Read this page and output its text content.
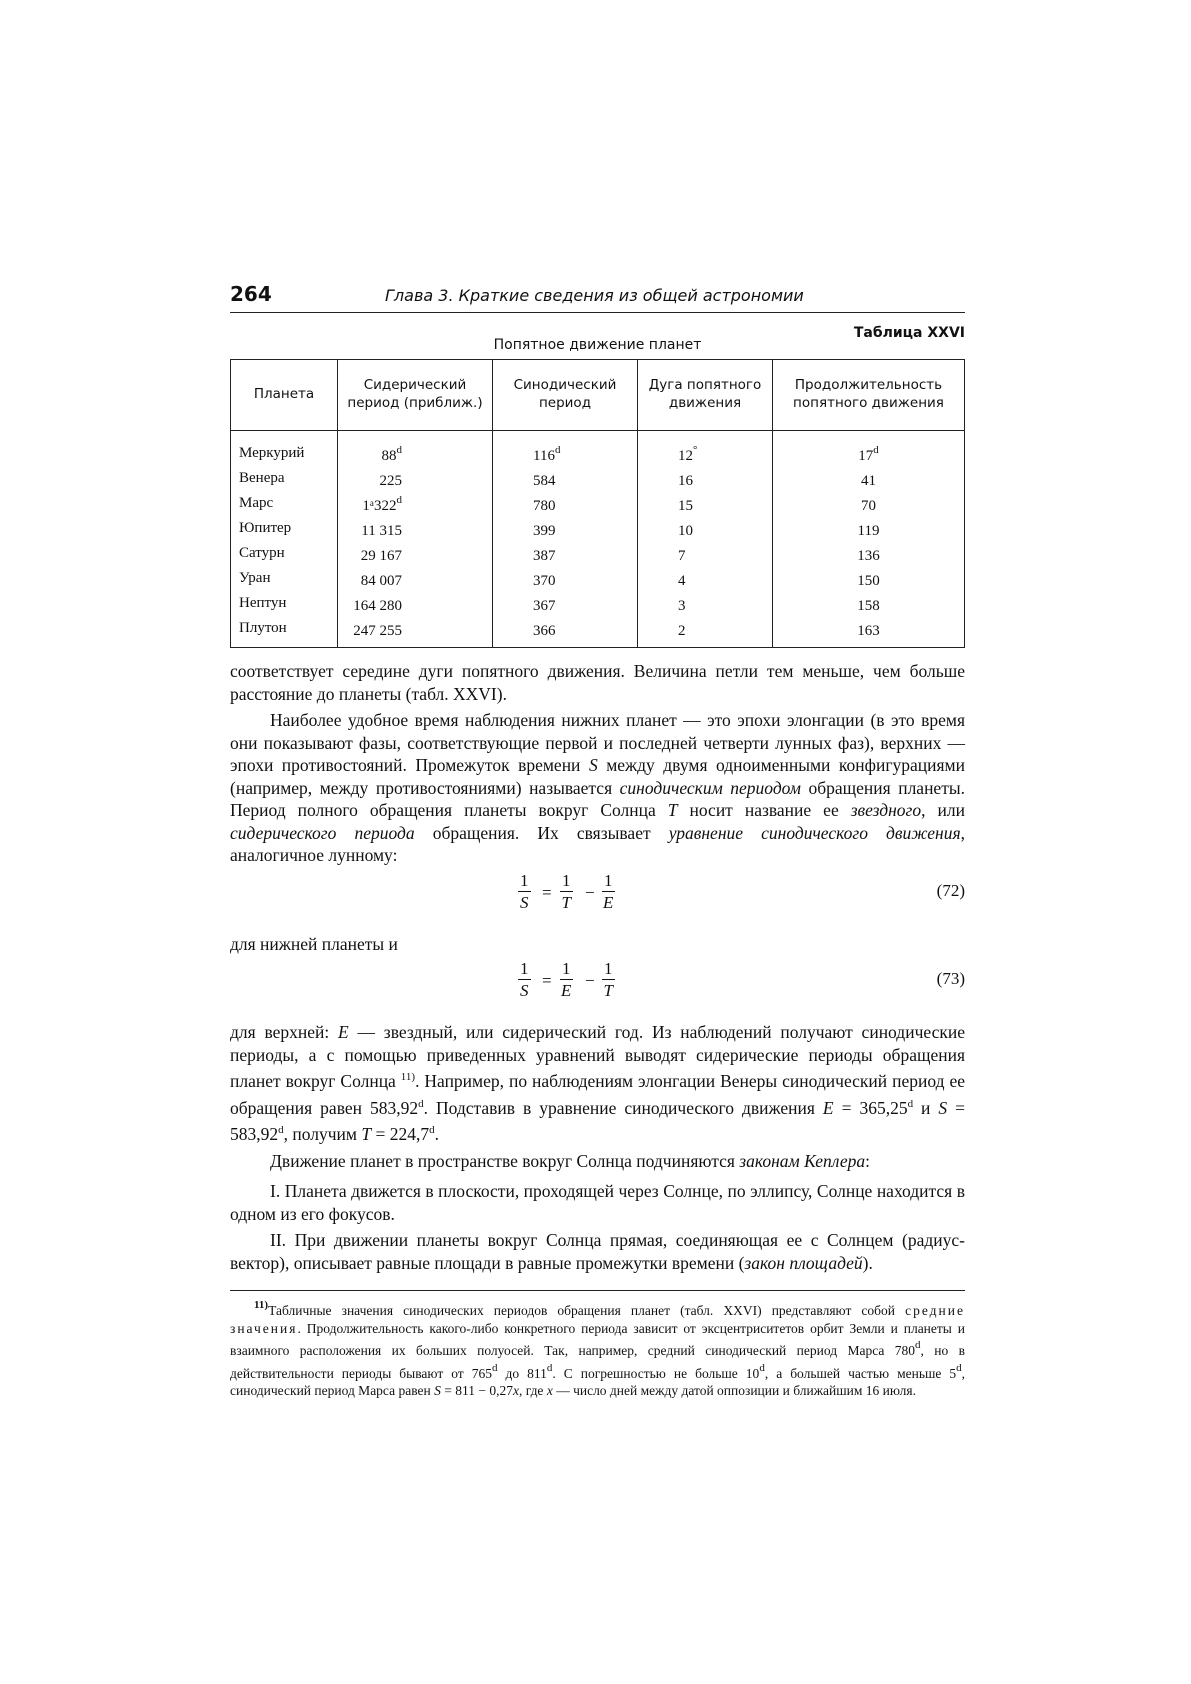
264	Глава 3. Краткие сведения из общей астрономии
Таблица XXVI
Попятное движение планет
Планета	Сидерический период (приближ.)	Синодический период	Дуга попятного движения	Продолжительность попятного движения
Меркурий	88$^d$	116$^d$	12°	17$^d$
Венера	225	584	16	41
Марс	1ᵃ322$^d$	780	15	70
Юпитер	11 315	399	10	119
Сатурн	29 167	387	7	136
Уран	84 007	370	4	150
Нептун	164 280	367	3	158
Плутон	247 255	366	2	163

соответствует середине дуги попятного движения. Величина петли тем меньше, чем больше расстояние до планеты (табл. XXVI).

Наиболее удобное время наблюдения нижних планет — это эпохи элонгации (в это время они показывают фазы, соответствующие первой и последней четверти лунных фаз), верхних — эпохи противостояний. Промежуток времени S между двумя одноименными конфигурациями (например, между противостояниями) называется синодическим периодом обращения планеты. Период полного обращения планеты вокруг Солнца T носит название ее звездного, или сидерического периода обращения. Их связывает уравнение синодического движения, аналогичное лунному:

$\frac{1}{S} = \frac{1}{T} - \frac{1}{E}$	(72)

для нижней планеты и

$\frac{1}{S} = \frac{1}{E} - \frac{1}{T}$	(73)

для верхней: E — звездный, или сидерический год. Из наблюдений получают синодические периоды, а с помощью приведенных уравнений выводят сидерические периоды обращения планет вокруг Солнца $^{11)}$. Например, по наблюдениям элонгации Венеры синодический период ее обращения равен 583,92$^d$. Подставив в уравнение синодического движения E = 365,25$^d$ и S = 583,92$^d$, получим T = 224,7$^d$.

Движение планет в пространстве вокруг Солнца подчиняются законам Кеплера:

I. Планета движется в плоскости, проходящей через Солнце, по эллипсу, Солнце находится в одном из его фокусов.

II. При движении планеты вокруг Солнца прямая, соединяющая ее с Солнцем (радиус-вектор), описывает равные площади в равные промежутки времени (закон площадей).

$^{11)}$Табличные значения синодических периодов обращения планет (табл. XXVI) представляют собой средние значения. Продолжительность какого-либо конкретного периода зависит от эксцентриситетов орбит Земли и планеты и взаимного расположения их больших полуосей. Так, например, средний синодический период Марса 780$^d$, но в действительности периоды бывают от 765$^d$ до 811$^d$. С погрешностью не больше 10$^d$, а большей частью меньше 5$^d$, синодический период Марса равен S = 811 − 0,27x, где x — число дней между датой оппозиции и ближайшим 16 июля.
